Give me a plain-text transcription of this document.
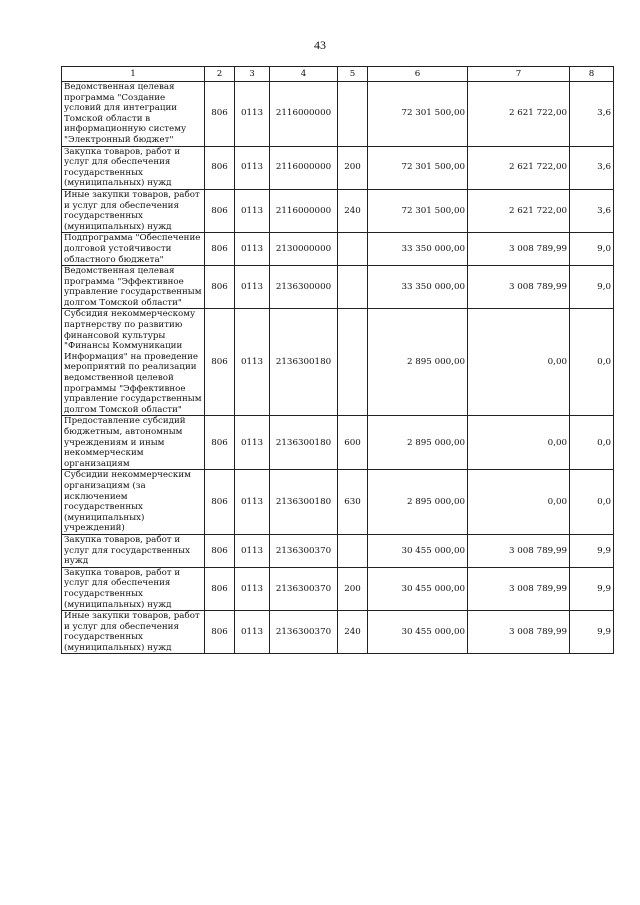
43
1	2	3	4	5	6	7	8
Ведомственная целевая программа "Создание условий для интеграции Томской области в информационную систему "Электронный бюджет"	806	0113	2116000000		72 301 500,00	2 621 722,00	3,6
Закупка товаров, работ и услуг для обеспечения государственных (муниципальных) нужд	806	0113	2116000000	200	72 301 500,00	2 621 722,00	3,6
Иные закупки товаров, работ и услуг для обеспечения государственных (муниципальных) нужд	806	0113	2116000000	240	72 301 500,00	2 621 722,00	3,6
Подпрограмма "Обеспечение долговой устойчивости областного бюджета"	806	0113	2130000000		33 350 000,00	3 008 789,99	9,0
Ведомственная целевая программа "Эффективное управление государственным долгом Томской области"	806	0113	2136300000		33 350 000,00	3 008 789,99	9,0
Субсидия некоммерческому партнерству по развитию финансовой культуры "Финансы Коммуникации Информация" на проведение мероприятий по реализации ведомственной целевой программы "Эффективное управление государственным долгом Томской области"	806	0113	2136300180		2 895 000,00	0,00	0,0
Предоставление субсидий бюджетным, автономным учреждениям и иным некоммерческим организациям	806	0113	2136300180	600	2 895 000,00	0,00	0,0
Субсидии некоммерческим организациям (за исключением государственных (муниципальных) учреждений)	806	0113	2136300180	630	2 895 000,00	0,00	0,0
Закупка товаров, работ и услуг для государственных нужд	806	0113	2136300370		30 455 000,00	3 008 789,99	9,9
Закупка товаров, работ и услуг для обеспечения государственных (муниципальных) нужд	806	0113	2136300370	200	30 455 000,00	3 008 789,99	9,9
Иные закупки товаров, работ и услуг для обеспечения государственных (муниципальных) нужд	806	0113	2136300370	240	30 455 000,00	3 008 789,99	9,9
